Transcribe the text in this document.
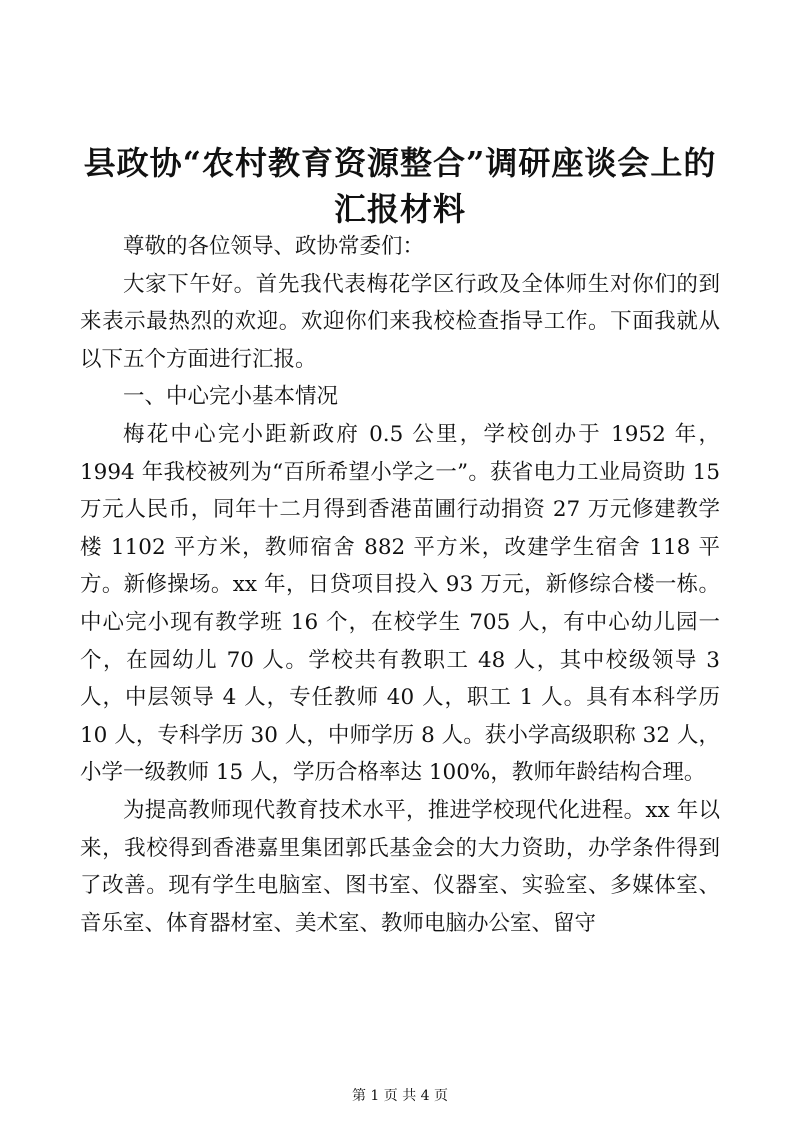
县政协“农村教育资源整合”调研座谈会上的
汇报材料

尊敬的各位领导、政协常委们：

大家下午好。首先我代表梅花学区行政及全体师生对你们的到来表示最热烈的欢迎。欢迎你们来我校检查指导工作。下面我就从以下五个方面进行汇报。

一、中心完小基本情况

梅花中心完小距新政府 0.5 公里，学校创办于 1952 年，1994 年我校被列为“百所希望小学之一”。获省电力工业局资助 15 万元人民币，同年十二月得到香港苗圃行动捐资 27 万元修建教学楼 1102 平方米，教师宿舍 882 平方米，改建学生宿舍 118 平方。新修操场。xx 年，日贷项目投入 93 万元，新修综合楼一栋。中心完小现有教学班 16 个，在校学生 705 人，有中心幼儿园一个，在园幼儿 70 人。学校共有教职工 48 人，其中校级领导 3 人，中层领导 4 人，专任教师 40 人，职工 1 人。具有本科学历 10 人，专科学历 30 人，中师学历 8 人。获小学高级职称 32 人，小学一级教师 15 人，学历合格率达 100%，教师年龄结构合理。

为提高教师现代教育技术水平，推进学校现代化进程。xx 年以来，我校得到香港嘉里集团郭氏基金会的大力资助，办学条件得到了改善。现有学生电脑室、图书室、仪器室、实验室、多媒体室、音乐室、体育器材室、美术室、教师电脑办公室、留守

第 1 页 共 4 页
